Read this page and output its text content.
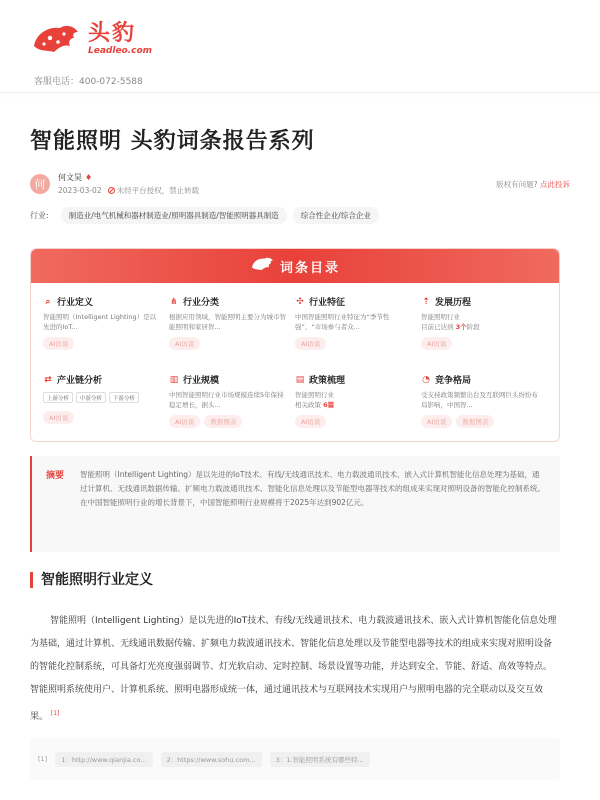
头豹
Leadleo.com
客服电话：400-072-5588
智能照明 头豹词条报告系列
何
何文昊 ♦
2023-03-02 未经平台授权，禁止转载
版权有问题? 点此投诉
行业:	制造业/电气机械和器材制造业/照明器具制造/智能照明器具制造	综合性企业/综合企业
词条目录
⌕ 行业定义
智能照明（Intelligent Lighting）是以先进的IoT...
AI访谈
⋔ 行业分类
根据应用领域，智能照明主要分为城市智能照明和家居智...
AI访谈
✣ 行业特征
中国智能照明行业特征为“季节性强”、“市场参与者众...
AI访谈
⇡ 发展历程
智能照明行业
目前已达到 3个阶段
AI访谈
⇄ 产业链分析
上游分析	中游分析	下游分析
AI访谈
▥ 行业规模
中国智能照明行业市场规模连续5年保持稳定增长，据头...
AI访谈	数据图表
▤ 政策梳理
智能照明行业
相关政策 6篇
AI访谈
◔ 竞争格局
受支持政策频繁出台及互联网巨头纷纷布局影响，中国智...
AI访谈	数据图表
摘要 智能照明（Intelligent Lighting）是以先进的IoT技术、有线/无线通讯技术、电力载波通讯技术、嵌入式计算机智能化信息处理为基础，通过计算机、无线通讯数据传输、扩频电力载波通讯技术、智能化信息处理以及节能型电器等技术的组成来实现对照明设备的智能化控制系统。在中国智能照明行业的增长背景下，中国智能照明行业规模将于2025年达到902亿元。
智能照明行业定义
智能照明（Intelligent Lighting）是以先进的IoT技术、有线/无线通讯技术、电力载波通讯技术、嵌入式计算机智能化信息处理为基础，通过计算机、无线通讯数据传输、扩频电力载波通讯技术、智能化信息处理以及节能型电器等技术的组成来实现对照明设备的智能化控制系统，可具备灯光亮度强弱调节、灯光软启动、定时控制、场景设置等功能，并达到安全、节能、舒适、高效等特点。智能照明系统使用户、计算机系统、照明电器形成统一体，通过通讯技术与互联网技术实现用户与照明电器的完全联动以及交互效果。 [1]
[1]	1：http://www.qianjia.co...	2：https://www.sohu.com...	3：1.智能照明系统有哪些特...
